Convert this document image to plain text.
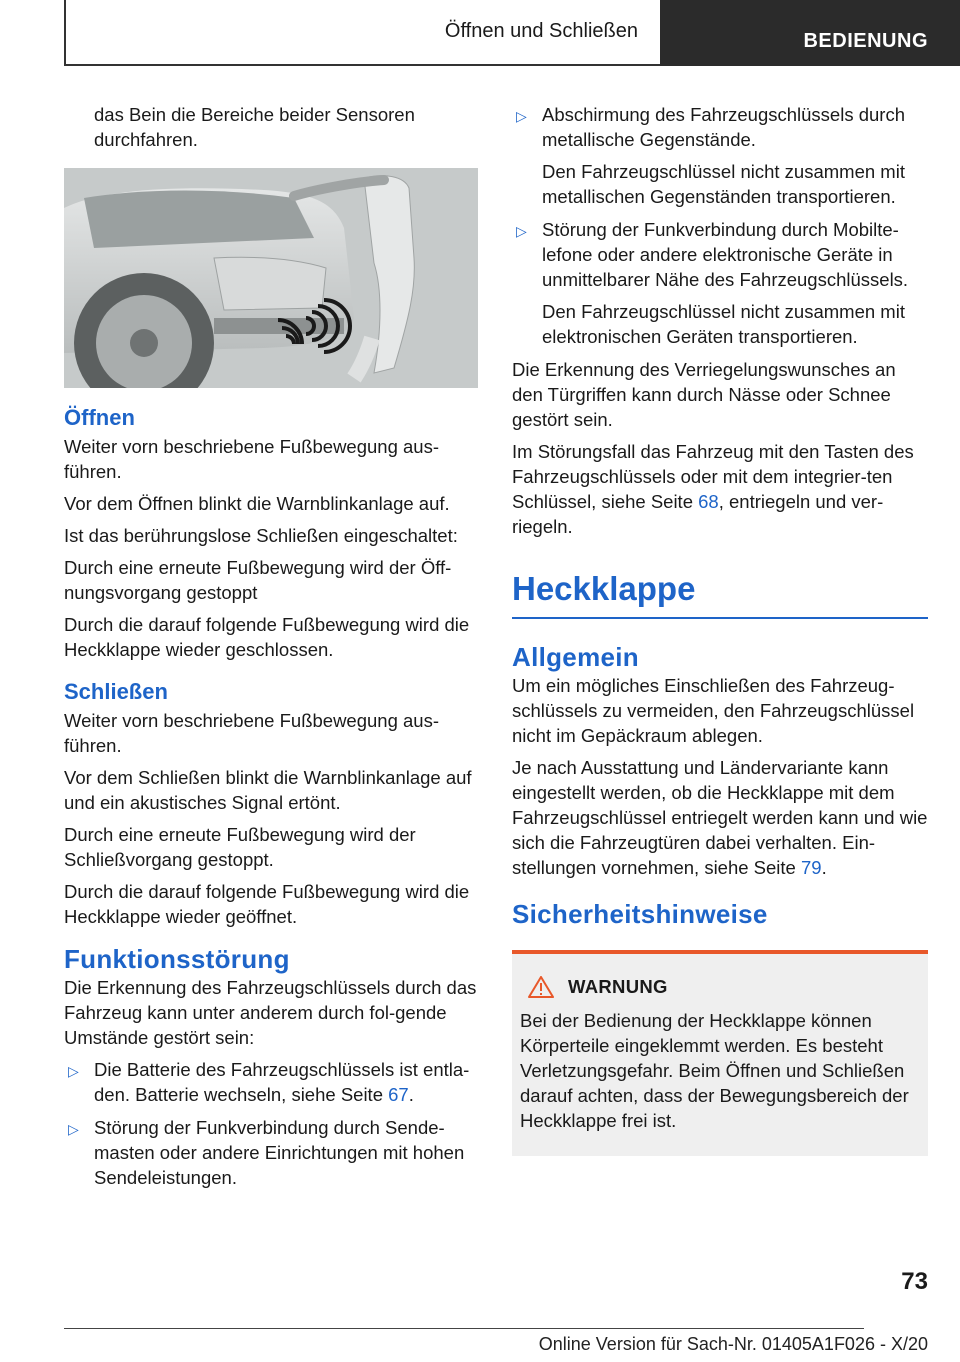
Öffnen und Schließen	BEDIENUNG

das Bein die Bereiche beider Sensoren durchfahren.

Öffnen

Weiter vorn beschriebene Fußbewegung aus-führen.

Vor dem Öffnen blinkt die Warnblinkanlage auf.

Ist das berührungslose Schließen eingeschaltet:

Durch eine erneute Fußbewegung wird der Öff-nungsvorgang gestoppt

Durch die darauf folgende Fußbewegung wird die Heckklappe wieder geschlossen.

Schließen

Weiter vorn beschriebene Fußbewegung aus-führen.

Vor dem Schließen blinkt die Warnblinkanlage auf und ein akustisches Signal ertönt.

Durch eine erneute Fußbewegung wird der Schließvorgang gestoppt.

Durch die darauf folgende Fußbewegung wird die Heckklappe wieder geöffnet.

Funktionsstörung

Die Erkennung des Fahrzeugschlüssels durch das Fahrzeug kann unter anderem durch fol-gende Umstände gestört sein:

▷ Die Batterie des Fahrzeugschlüssels ist entla-den. Batterie wechseln, siehe Seite 67.
▷ Störung der Funkverbindung durch Sende-masten oder andere Einrichtungen mit hohen Sendeleistungen.
▷ Abschirmung des Fahrzeugschlüssels durch metallische Gegenstände.

Den Fahrzeugschlüssel nicht zusammen mit metallischen Gegenständen transportieren.

▷ Störung der Funkverbindung durch Mobilte-lefone oder andere elektronische Geräte in unmittelbarer Nähe des Fahrzeugschlüssels.

Den Fahrzeugschlüssel nicht zusammen mit elektronischen Geräten transportieren.

Die Erkennung des Verriegelungswunsches an den Türgriffen kann durch Nässe oder Schnee gestört sein.

Im Störungsfall das Fahrzeug mit den Tasten des Fahrzeugschlüssels oder mit dem integrier-ten Schlüssel, siehe Seite 68, entriegeln und ver-riegeln.

Heckklappe
Allgemein

Um ein mögliches Einschließen des Fahrzeug-schlüssels zu vermeiden, den Fahrzeugschlüssel nicht im Gepäckraum ablegen.

Je nach Ausstattung und Ländervariante kann eingestellt werden, ob die Heckklappe mit dem Fahrzeugschlüssel entriegelt werden kann und wie sich die Fahrzeugtüren dabei verhalten. Ein-stellungen vornehmen, siehe Seite 79.

Sicherheitshinweise
WARNUNG

Bei der Bedienung der Heckklappe können Körperteile eingeklemmt werden. Es besteht Verletzungsgefahr. Beim Öffnen und Schließen darauf achten, dass der Bewegungsbereich der Heckklappe frei ist.

73
Online Version für Sach-Nr. 01405A1F026 - X/20
